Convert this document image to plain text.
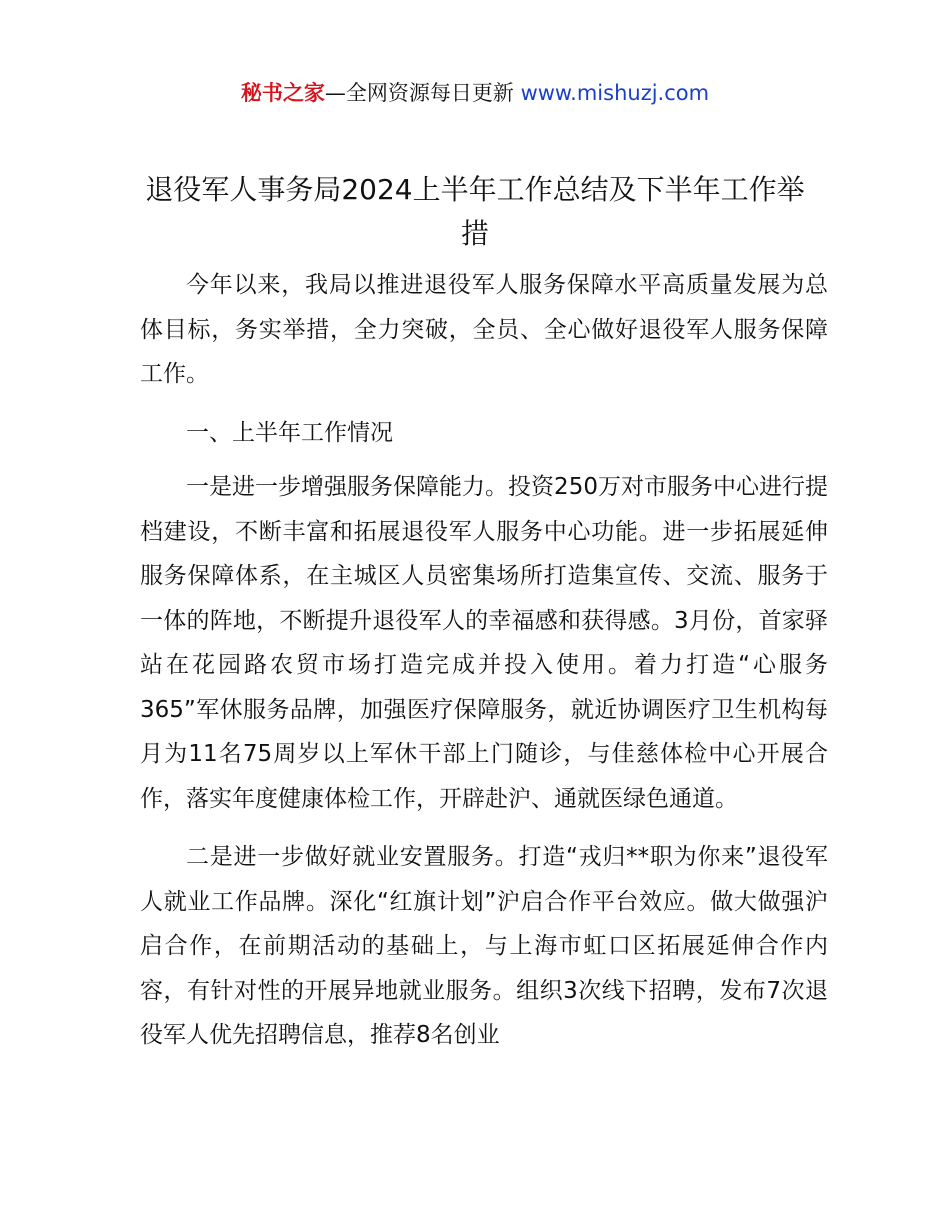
秘书之家—全网资源每日更新 www.mishuzj.com
退役军人事务局2024上半年工作总结及下半年工作举措

今年以来，我局以推进退役军人服务保障水平高质量发展为总体目标，务实举措，全力突破，全员、全心做好退役军人服务保障工作。

一、上半年工作情况

一是进一步增强服务保障能力。投资250万对市服务中心进行提档建设，不断丰富和拓展退役军人服务中心功能。进一步拓展延伸服务保障体系，在主城区人员密集场所打造集宣传、交流、服务于一体的阵地，不断提升退役军人的幸福感和获得感。3月份，首家驿站在花园路农贸市场打造完成并投入使用。着力打造“心服务365”军休服务品牌，加强医疗保障服务，就近协调医疗卫生机构每月为11名75周岁以上军休干部上门随诊，与佳慈体检中心开展合作，落实年度健康体检工作，开辟赴沪、通就医绿色通道。

二是进一步做好就业安置服务。打造“戎归**职为你来”退役军人就业工作品牌。深化“红旗计划”沪启合作平台效应。做大做强沪启合作，在前期活动的基础上，与上海市虹口区拓展延伸合作内容，有针对性的开展异地就业服务。组织3次线下招聘，发布7次退役军人优先招聘信息，推荐8名创业
